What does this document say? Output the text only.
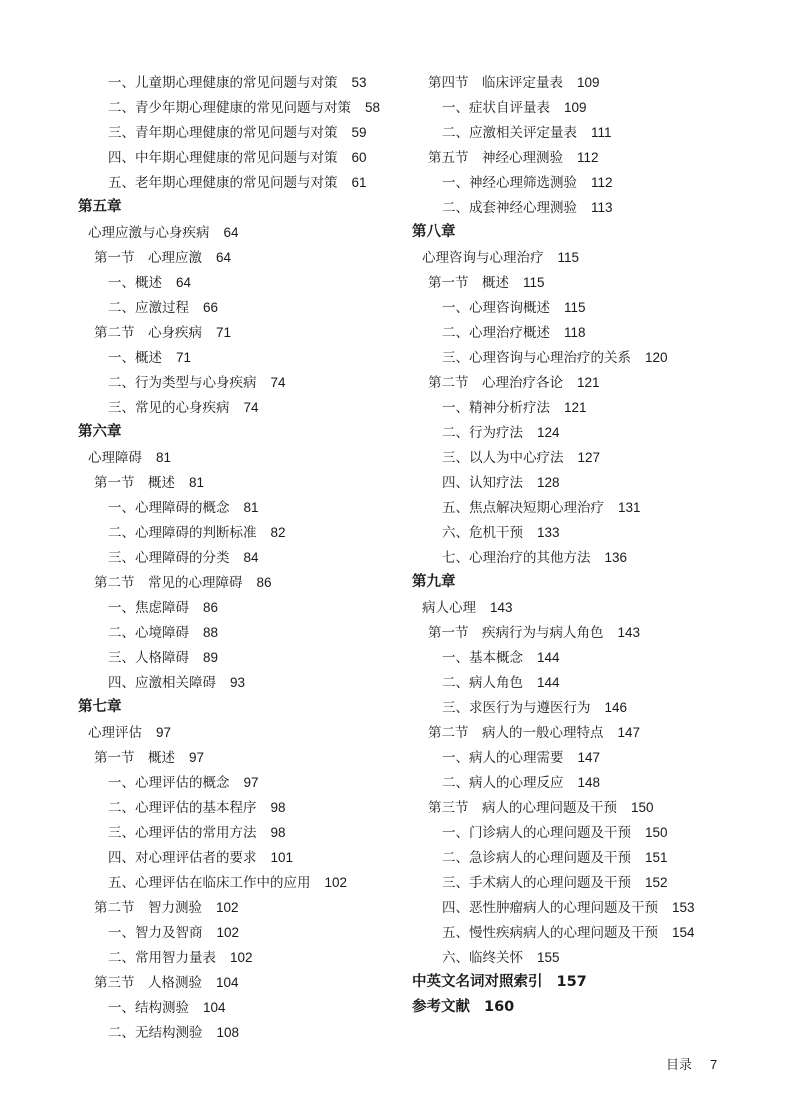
一、儿童期心理健康的常见问题与对策 53
二、青少年期心理健康的常见问题与对策 58
三、青年期心理健康的常见问题与对策 59
四、中年期心理健康的常见问题与对策 60
五、老年期心理健康的常见问题与对策 61
第五章
心理应激与心身疾病 64
第一节　心理应激 64
一、概述 64
二、应激过程 66
第二节　心身疾病 71
一、概述 71
二、行为类型与心身疾病 74
三、常见的心身疾病 74
第六章
心理障碍 81
第一节　概述 81
一、心理障碍的概念 81
二、心理障碍的判断标准 82
三、心理障碍的分类 84
第二节　常见的心理障碍 86
一、焦虑障碍 86
二、心境障碍 88
三、人格障碍 89
四、应激相关障碍 93
第七章
心理评估 97
第一节　概述 97
一、心理评估的概念 97
二、心理评估的基本程序 98
三、心理评估的常用方法 98
四、对心理评估者的要求 101
五、心理评估在临床工作中的应用 102
第二节　智力测验 102
一、智力及智商 102
二、常用智力量表 102
第三节　人格测验 104
一、结构测验 104
二、无结构测验 108
第四节　临床评定量表 109
一、症状自评量表 109
二、应激相关评定量表 111
第五节　神经心理测验 112
一、神经心理筛选测验 112
二、成套神经心理测验 113
第八章
心理咨询与心理治疗 115
第一节　概述 115
一、心理咨询概述 115
二、心理治疗概述 118
三、心理咨询与心理治疗的关系 120
第二节　心理治疗各论 121
一、精神分析疗法 121
二、行为疗法 124
三、以人为中心疗法 127
四、认知疗法 128
五、焦点解决短期心理治疗 131
六、危机干预 133
七、心理治疗的其他方法 136
第九章
病人心理 143
第一节　疾病行为与病人角色 143
一、基本概念 144
二、病人角色 144
三、求医行为与遵医行为 146
第二节　病人的一般心理特点 147
一、病人的心理需要 147
二、病人的心理反应 148
第三节　病人的心理问题及干预 150
一、门诊病人的心理问题及干预 150
二、急诊病人的心理问题及干预 151
三、手术病人的心理问题及干预 152
四、恶性肿瘤病人的心理问题及干预 153
五、慢性疾病病人的心理问题及干预 154
六、临终关怀 155
中英文名词对照索引 157
参考文献 160
目录 7
